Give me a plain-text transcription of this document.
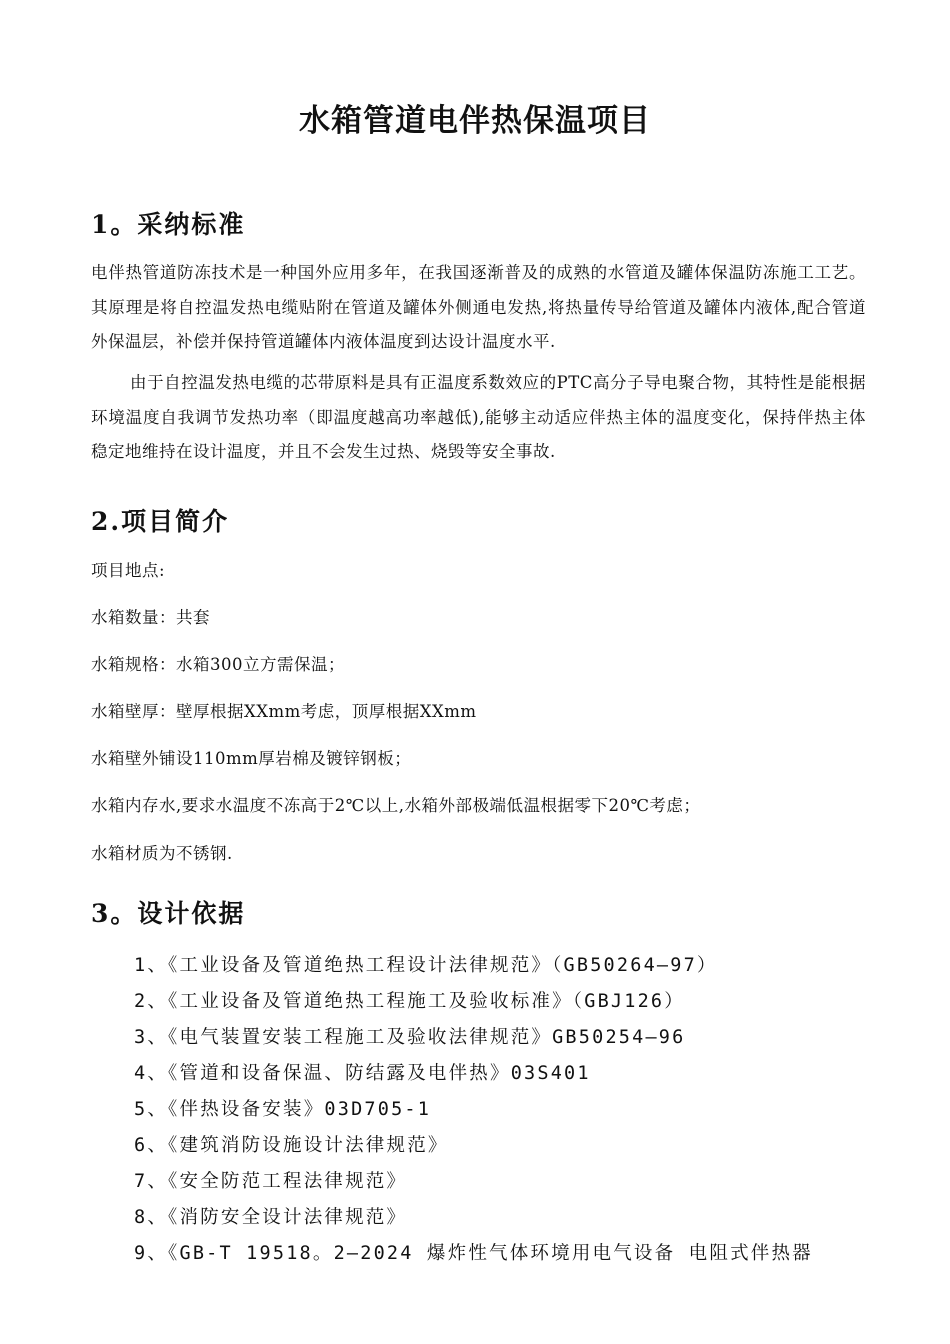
水箱管道电伴热保温项目
1。采纳标准
电伴热管道防冻技术是一种国外应用多年，在我国逐渐普及的成熟的水管道及罐体保温防冻施工工艺。其原理是将自控温发热电缆贴附在管道及罐体外侧通电发热,将热量传导给管道及罐体内液体,配合管道外保温层，补偿并保持管道罐体内液体温度到达设计温度水平.
由于自控温发热电缆的芯带原料是具有正温度系数效应的PTC高分子导电聚合物，其特性是能根据环境温度自我调节发热功率（即温度越高功率越低),能够主动适应伴热主体的温度变化，保持伴热主体稳定地维持在设计温度，并且不会发生过热、烧毁等安全事故.
2.项目简介
项目地点:
水箱数量：共套
水箱规格：水箱300立方需保温；
水箱壁厚：壁厚根据XXmm考虑，顶厚根据XXmm
水箱壁外铺设110mm厚岩棉及镀锌钢板；
水箱内存水,要求水温度不冻高于2℃以上,水箱外部极端低温根据零下20℃考虑；
水箱材质为不锈钢.
3。设计依据
1、《工业设备及管道绝热工程设计法律规范》（GB50264—97）
2、《工业设备及管道绝热工程施工及验收标准》（GBJ126）
3、《电气装置安装工程施工及验收法律规范》GB50254—96
4、《管道和设备保温、防结露及电伴热》03S401
5、《伴热设备安装》03D705-1
6、《建筑消防设施设计法律规范》
7、《安全防范工程法律规范》
8、《消防安全设计法律规范》
9、《GB-T 19518。2—2024 爆炸性气体环境用电气设备 电阻式伴热器
